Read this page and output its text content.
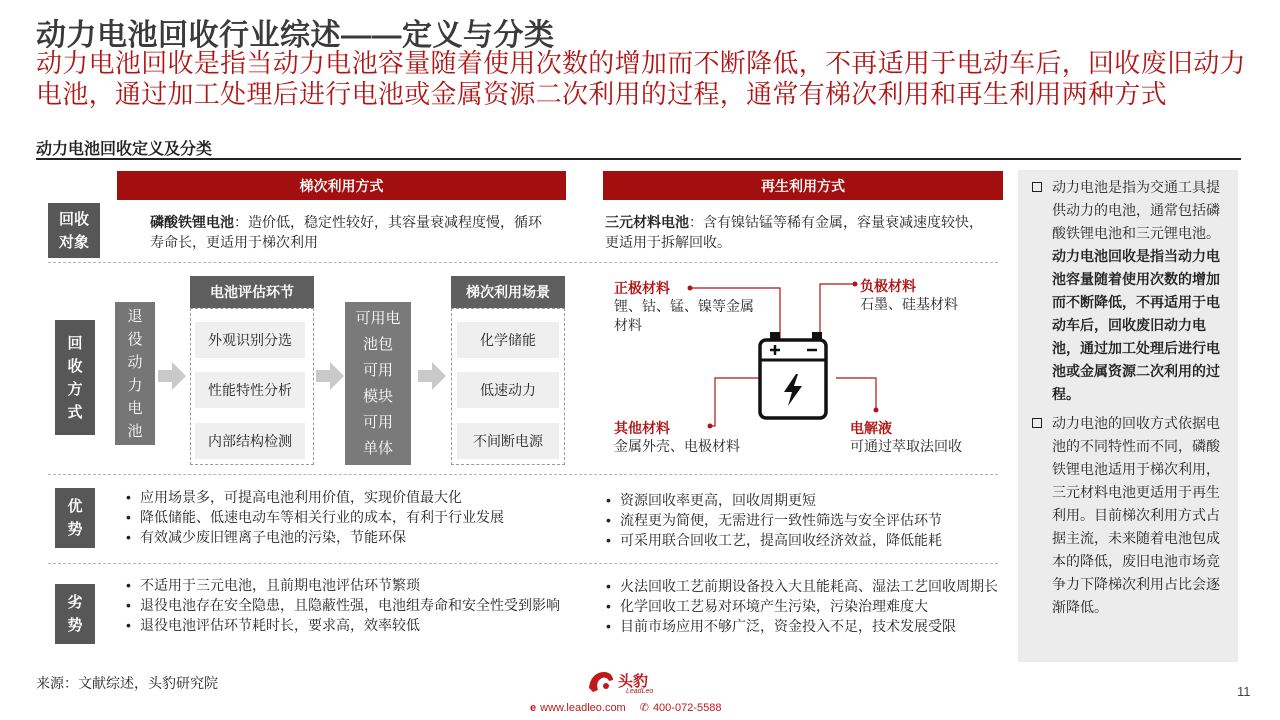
动力电池回收行业综述——定义与分类
动力电池回收是指当动力电池容量随着使用次数的增加而不断降低，不再适用于电动车后，回收废旧动力电池，通过加工处理后进行电池或金属资源二次利用的过程，通常有梯次利用和再生利用两种方式
动力电池回收定义及分类
梯次利用方式	再生利用方式
回收
对象
磷酸铁锂电池：造价低，稳定性较好，其容量衰减程度慢，循环寿命长，更适用于梯次利用
三元材料电池：含有镍钴锰等稀有金属，容量衰减速度较快，更适用于拆解回收。
回
收
方
式
退
役
动
力
电
池
电池评估环节
外观识别分选
性能特性分析
内部结构检测
可用电
池包
可用
模块
可用
单体
梯次利用场景
化学储能
低速动力
不间断电源
正极材料
锂、钴、锰、镍等金属材料
负极材料
石墨、硅基材料
其他材料
金属外壳、电极材料
电解液
可通过萃取法回收
优
势
• 应用场景多，可提高电池利用价值，实现价值最大化
• 降低储能、低速电动车等相关行业的成本，有利于行业发展
• 有效减少废旧锂离子电池的污染，节能环保
• 资源回收率更高，回收周期更短
• 流程更为简便，无需进行一致性筛选与安全评估环节
• 可采用联合回收工艺，提高回收经济效益，降低能耗
劣
势
• 不适用于三元电池，且前期电池评估环节繁琐
• 退役电池存在安全隐患，且隐蔽性强，电池组寿命和安全性受到影响
• 退役电池评估环节耗时长，要求高，效率较低
• 火法回收工艺前期设备投入大且能耗高、湿法工艺回收周期长
• 化学回收工艺易对环境产生污染，污染治理难度大
• 目前市场应用不够广泛，资金投入不足，技术发展受限
动力电池是指为交通工具提供动力的电池，通常包括磷酸铁锂电池和三元锂电池。动力电池回收是指当动力电池容量随着使用次数的增加而不断降低，不再适用于电动车后，回收废旧动力电池，通过加工处理后进行电池或金属资源二次利用的过程。
动力电池的回收方式依据电池的不同特性而不同，磷酸铁锂电池适用于梯次利用，三元材料电池更适用于再生利用。目前梯次利用方式占据主流，未来随着电池包成本的降低，废旧电池市场竞争力下降梯次利用占比会逐渐降低。
来源：文献综述，头豹研究院	头豹
LeadLeo
e www.leadleo.com ✆ 400-072-5588
11
